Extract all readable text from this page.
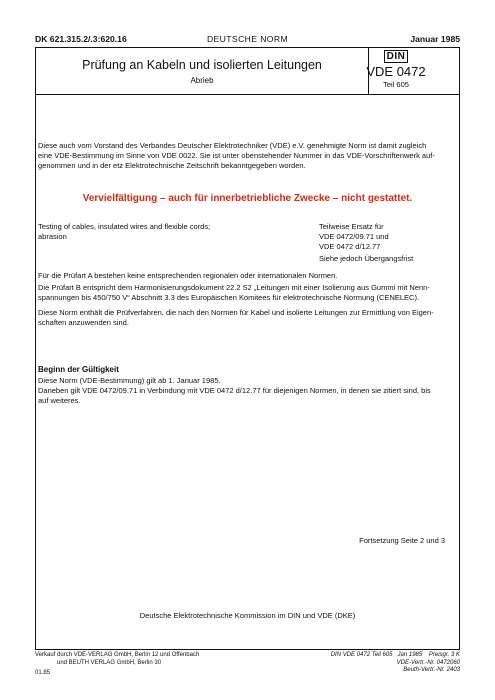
DK 621.315.2/.3:620.16	DEUTSCHE NORM	Januar 1985
Prüfung an Kabeln und isolierten Leitungen
Abrieb
DIN
VDE 0472
Teil 605
Diese auch vom Vorstand des Verbandes Deutscher Elektrotechniker (VDE) e.V. genehmigte Norm ist damit zugleich
eine VDE-Bestimmung im Sinne von VDE 0022. Sie ist unter obenstehender Nummer in das VDE-Vorschriftenwerk auf-
genommen und in der etz Elektrotechnische Zeitschrift bekanntgegeben worden.
Vervielfältigung – auch für innerbetriebliche Zwecke – nicht gestattet.
Testing of cables, insulated wires and flexible cords;
abrasion
Teilweise Ersatz für
VDE 0472/09.71 und
VDE 0472 d/12.77
Siehe jedoch Übergangsfrist
Für die Prüfart A bestehen keine entsprechenden regionalen oder internationalen Normen.
Die Prüfart B entspricht dem Harmonisierungsdokument 22.2 S2 „Leitungen mit einer Isolierung aus Gummi mit Nenn-
spannungen bis 450/750 V“ Abschnitt 3.3 des Europäischen Komitees für elektrotechnische Normung (CENELEC).
Diese Norm enthält die Prüfverfahren, die nach den Normen für Kabel und isolierte Leitungen zur Ermittlung von Eigen-
schaften anzuwenden sind.
Beginn der Gültigkeit
Diese Norm (VDE-Bestimmung) gilt ab 1. Januar 1985.
Daneben gilt VDE 0472/09.71 in Verbindung mit VDE 0472 d/12.77 für diejenigen Normen, in denen sie zitiert sind, bis
auf weiteres.
Fortsetzung Seite 2 und 3
Deutsche Elektrotechnische Kommission im DIN und VDE (DKE)
Verkauf durch VDE-VERLAG GmbH, Berlin 12 und Offenbach
und BEUTH VERLAG GmbH, Berlin 30
01.85
DIN VDE 0472 Teil 605   Jan 1985    Preisgr. 3 K
VDE-Vertr.-Nr. 0472060
Beuth-Vertr.-Nr. 2403
